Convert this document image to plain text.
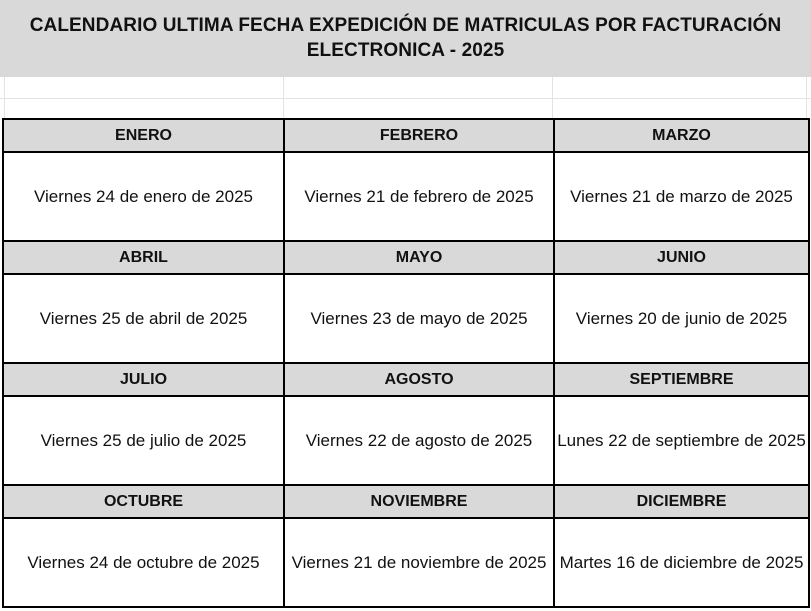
CALENDARIO ULTIMA FECHA EXPEDICIÓN DE MATRICULAS POR FACTURACIÓN ELECTRONICA - 2025
ENERO	FEBRERO	MARZO
Viernes 24 de enero de 2025	Viernes 21 de febrero de 2025	Viernes 21 de marzo de 2025
ABRIL	MAYO	JUNIO
Viernes 25 de abril de 2025	Viernes 23 de mayo de 2025	Viernes 20 de junio de 2025
JULIO	AGOSTO	SEPTIEMBRE
Viernes 25 de julio de 2025	Viernes 22 de agosto de 2025	Lunes 22 de septiembre de 2025
OCTUBRE	NOVIEMBRE	DICIEMBRE
Viernes 24 de octubre de 2025	Viernes 21 de noviembre de 2025	Martes 16 de diciembre de 2025
